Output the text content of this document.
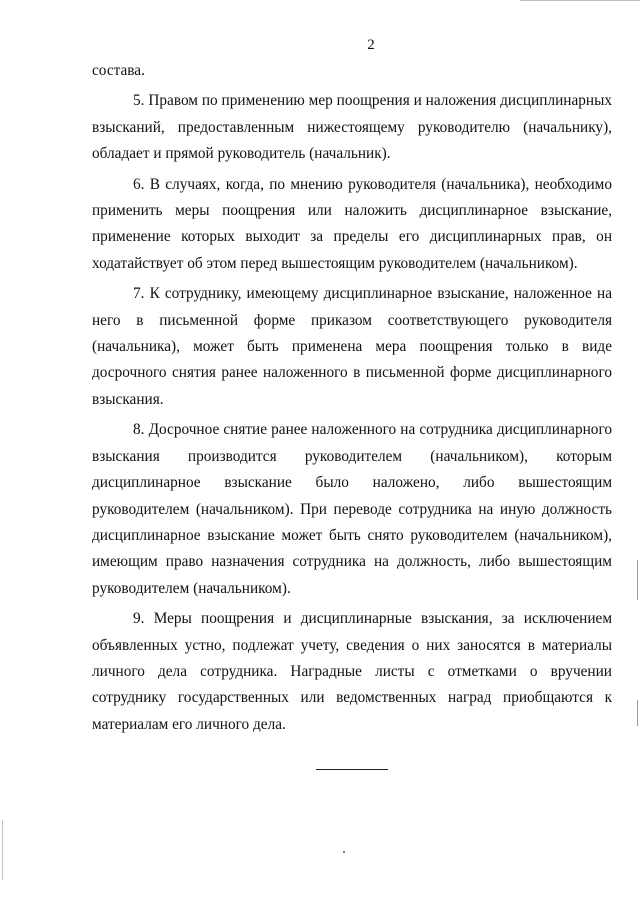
2

состава.

5. Правом по применению мер поощрения и наложения дисциплинарных взысканий, предоставленным нижестоящему руководителю (начальнику), обладает и прямой руководитель (начальник).

6. В случаях, когда, по мнению руководителя (начальника), необходимо применить меры поощрения или наложить дисциплинарное взыскание, применение которых выходит за пределы его дисциплинарных прав, он ходатайствует об этом перед вышестоящим руководителем (начальником).

7. К сотруднику, имеющему дисциплинарное взыскание, наложенное на него в письменной форме приказом соответствующего руководителя (начальника), может быть применена мера поощрения только в виде досрочного снятия ранее наложенного в письменной форме дисциплинарного взыскания.

8. Досрочное снятие ранее наложенного на сотрудника дисциплинарного взыскания производится руководителем (начальником), которым дисциплинарное взыскание было наложено, либо вышестоящим руководителем (начальником). При переводе сотрудника на иную должность дисциплинарное взыскание может быть снято руководителем (начальником), имеющим право назначения сотрудника на должность, либо вышестоящим руководителем (начальником).

9. Меры поощрения и дисциплинарные взыскания, за исключением объявленных устно, подлежат учету, сведения о них заносятся в материалы личного дела сотрудника. Наградные листы с отметками о вручении сотруднику государственных или ведомственных наград приобщаются к материалам его личного дела.
